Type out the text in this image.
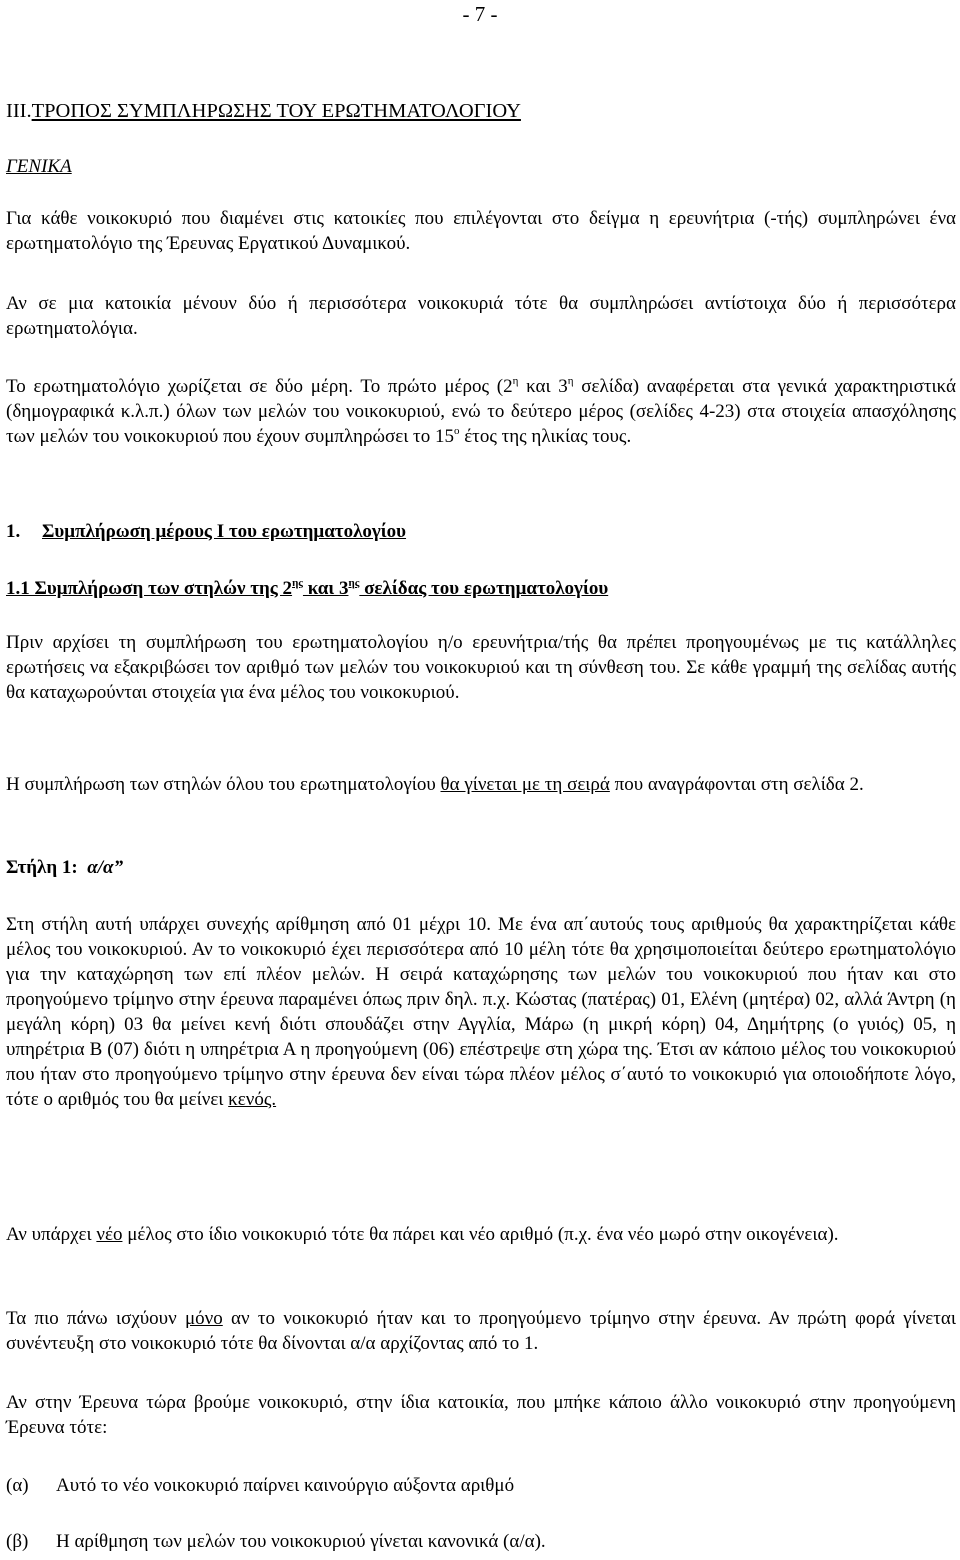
- 7 -
III.ΤΡΟΠΟΣ ΣΥΜΠΛΗΡΩΣΗΣ ΤΟΥ ΕΡΩΤΗΜΑΤΟΛΟΓΙΟΥ
ΓΕΝΙΚΑ

Για κάθε νοικοκυριό που διαμένει στις κατοικίες που επιλέγονται στο δείγμα η ερευνήτρια (-τής) συμπληρώνει ένα ερωτηματολόγιο της Έρευνας Εργατικού Δυναμικού.

Αν σε μια κατοικία μένουν δύο ή περισσότερα νοικοκυριά τότε θα συμπληρώσει αντίστοιχα δύο ή περισσότερα ερωτηματολόγια.

Το ερωτηματολόγιο χωρίζεται σε δύο μέρη. Το πρώτο μέρος ($2^\eta$ και $3^\eta$ σελίδα) αναφέρεται στα γενικά χαρακτηριστικά (δημογραφικά κ.λ.π.) όλων των μελών του νοικοκυριού, ενώ το δεύτερο μέρος (σελίδες 4-23) στα στοιχεία απασχόλησης των μελών του νοικοκυριού που έχουν συμπληρώσει το $15^o$ έτος της ηλικίας τους.

1. Συμπλήρωση μέρους Ι του ερωτηματολογίου
1.1 Συμπλήρωση των στηλών της $2^{\eta\varsigma}$ και $3^{\eta\varsigma}$ σελίδας του ερωτηματολογίου

Πριν αρχίσει τη συμπλήρωση του ερωτηματολογίου η/ο ερευνήτρια/τής θα πρέπει προηγουμένως με τις κατάλληλες ερωτήσεις να εξακριβώσει τον αριθμό των μελών του νοικοκυριού και τη σύνθεση του. Σε κάθε γραμμή της σελίδας αυτής θα καταχωρούνται στοιχεία για ένα μέλος του νοικοκυριού.

Η συμπλήρωση των στηλών όλου του ερωτηματολογίου θα γίνεται με τη σειρά που αναγράφονται στη σελίδα 2.

Στήλη 1: α/α”

Στη στήλη αυτή υπάρχει συνεχής αρίθμηση από 01 μέχρι 10. Με ένα απ΄αυτούς τους αριθμούς θα χαρακτηρίζεται κάθε μέλος του νοικοκυριού. Αν το νοικοκυριό έχει περισσότερα από 10 μέλη τότε θα χρησιμοποιείται δεύτερο ερωτηματολόγιο για την καταχώρηση των επί πλέον μελών. Η σειρά καταχώρησης των μελών του νοικοκυριού που ήταν και στο προηγούμενο τρίμηνο στην έρευνα παραμένει όπως πριν δηλ. π.χ. Κώστας (πατέρας) 01, Ελένη (μητέρα) 02, αλλά Άντρη (η μεγάλη κόρη) 03 θα μείνει κενή διότι σπουδάζει στην Αγγλία, Μάρω (η μικρή κόρη) 04, Δημήτρης (ο γυιός) 05, η υπηρέτρια Β (07) διότι η υπηρέτρια Α η προηγούμενη (06) επέστρεψε στη χώρα της. Έτσι αν κάποιο μέλος του νοικοκυριού που ήταν στο προηγούμενο τρίμηνο στην έρευνα δεν είναι τώρα πλέον μέλος σ΄αυτό το νοικοκυριό για οποιοδήποτε λόγο, τότε ο αριθμός του θα μείνει κενός.

Αν υπάρχει νέο μέλος στο ίδιο νοικοκυριό τότε θα πάρει και νέο αριθμό (π.χ. ένα νέο μωρό στην οικογένεια).

Τα πιο πάνω ισχύουν μόνο αν το νοικοκυριό ήταν και το προηγούμενο τρίμηνο στην έρευνα. Αν πρώτη φορά γίνεται συνέντευξη στο νοικοκυριό τότε θα δίνονται α/α αρχίζοντας από το 1.

Αν στην Έρευνα τώρα βρούμε νοικοκυριό, στην ίδια κατοικία, που μπήκε κάποιο άλλο νοικοκυριό στην προηγούμενη Έρευνα τότε:

(α) Αυτό το νέο νοικοκυριό παίρνει καινούργιο αύξοντα αριθμό
(β) Η αρίθμηση των μελών του νοικοκυριού γίνεται κανονικά (α/α).
